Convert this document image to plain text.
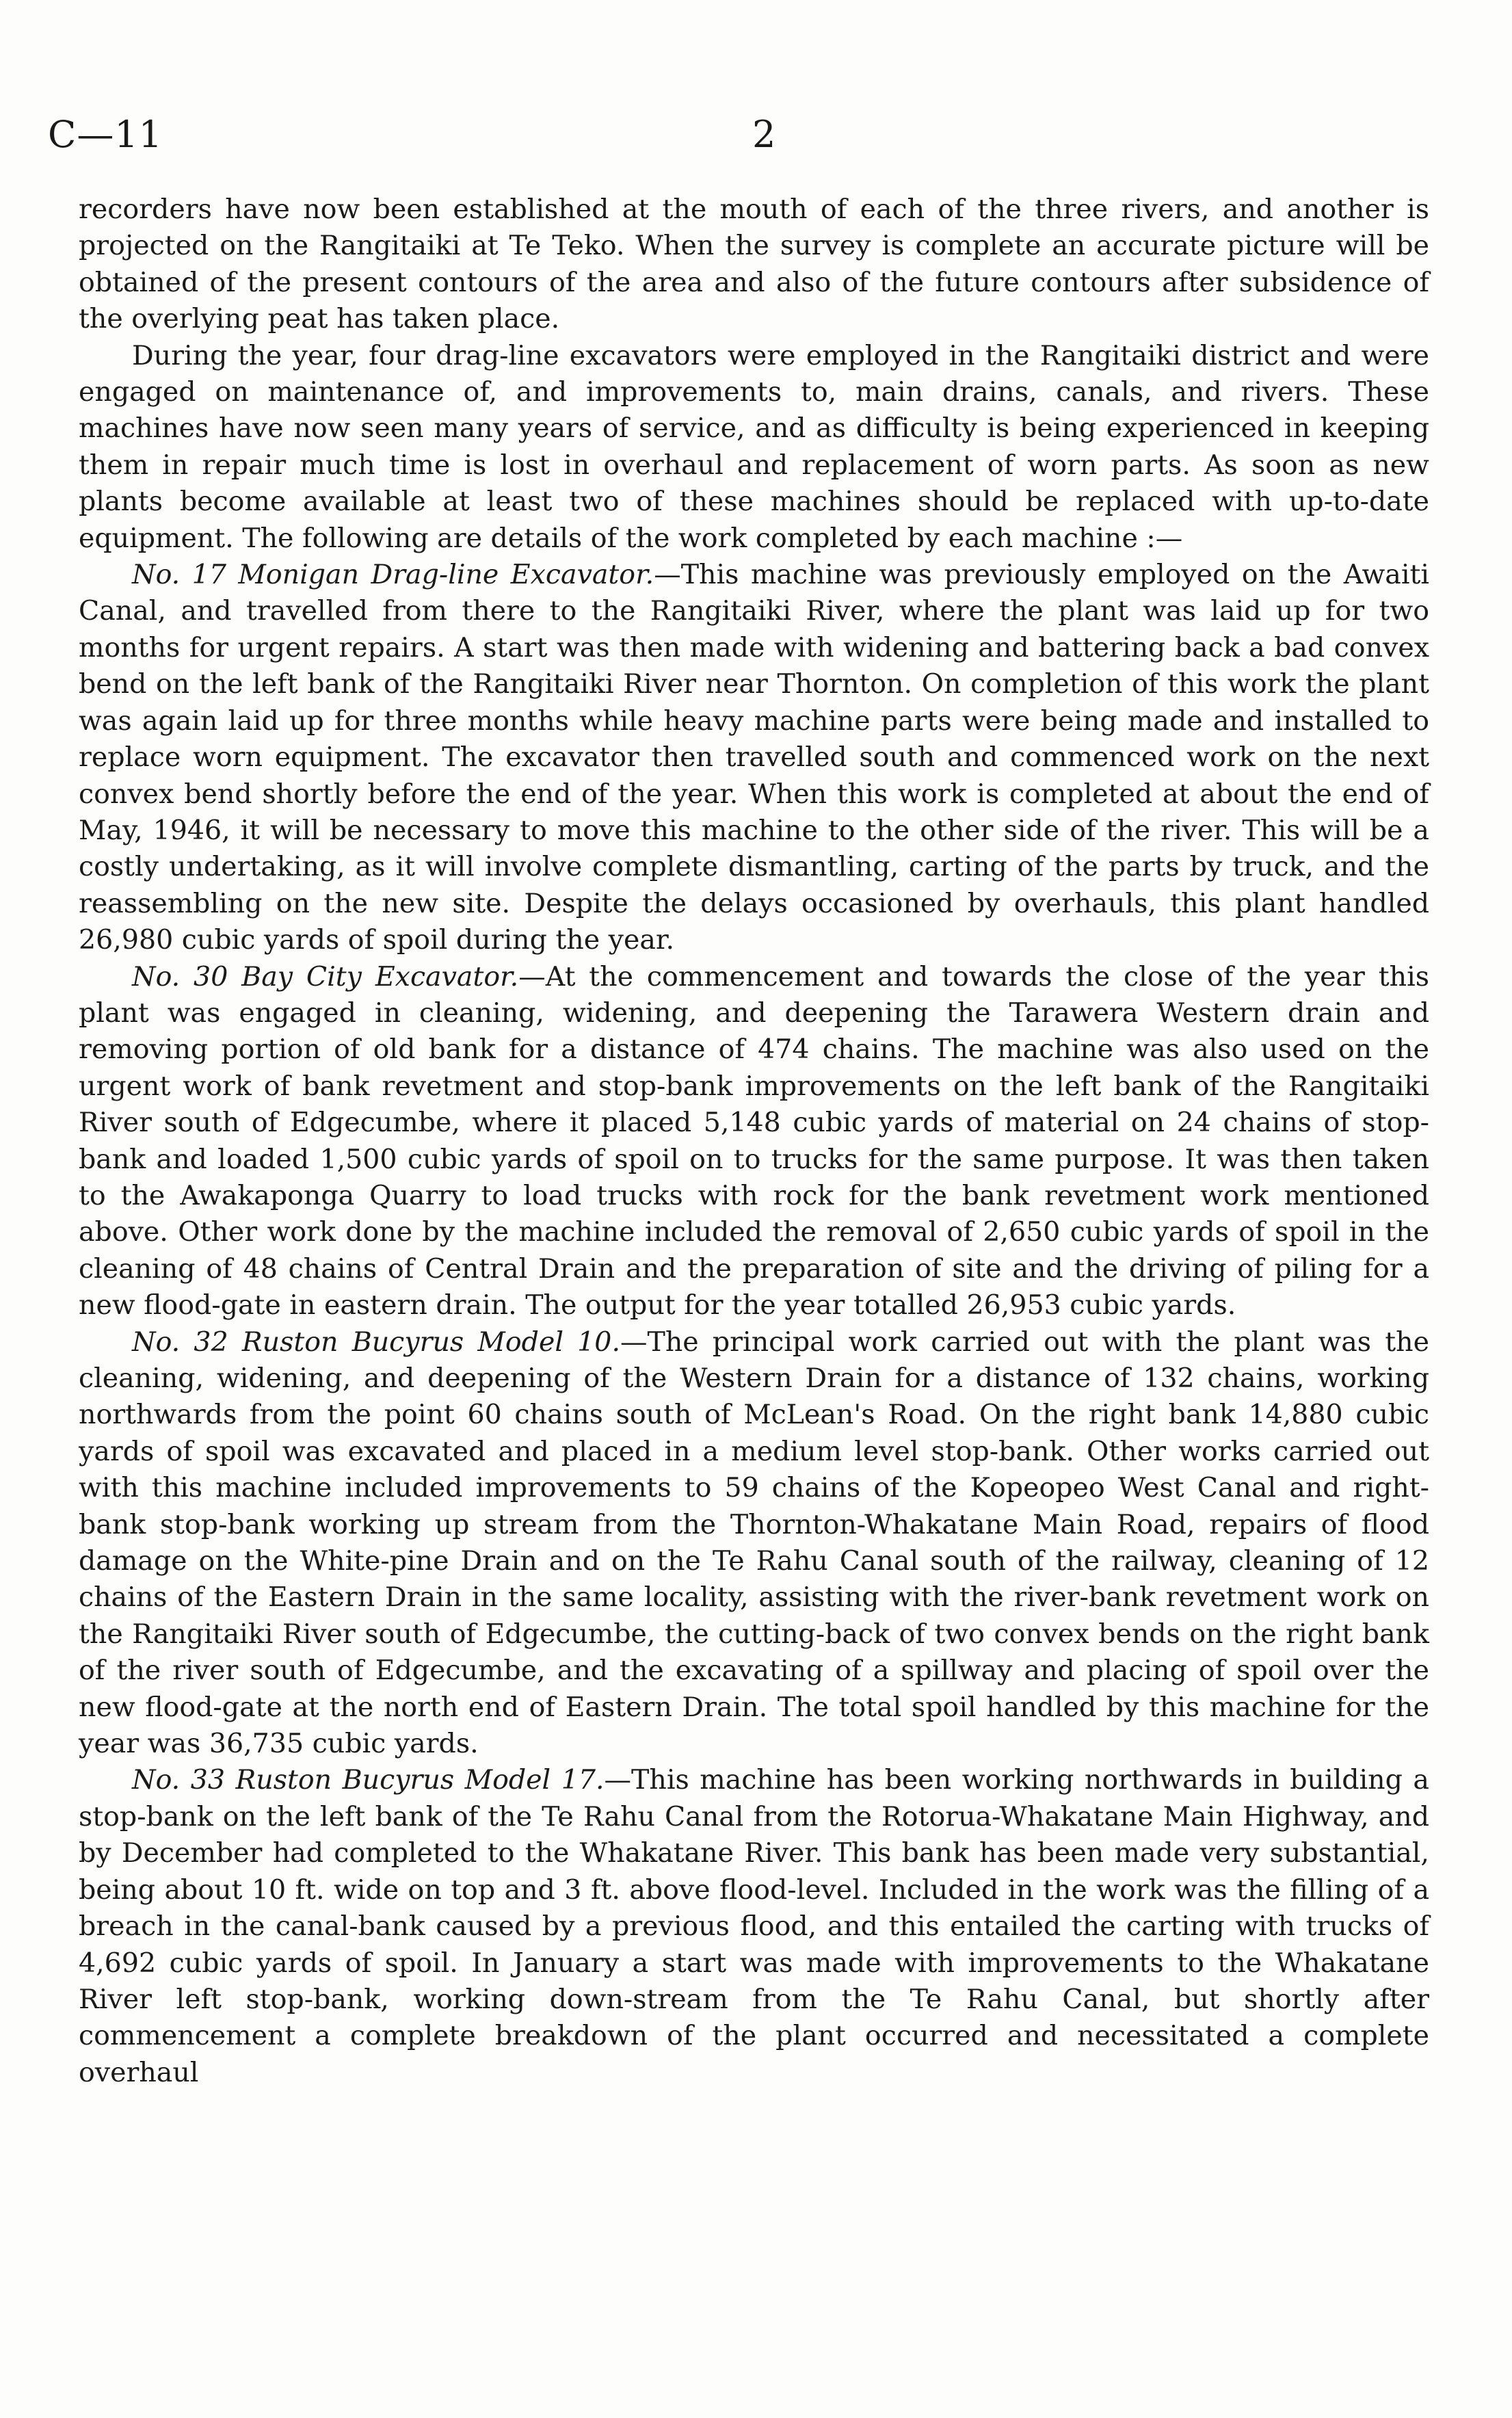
C—11	2

recorders have now been established at the mouth of each of the three rivers, and another is projected on the Rangitaiki at Te Teko. When the survey is complete an accurate picture will be obtained of the present contours of the area and also of the future contours after subsidence of the overlying peat has taken place.

During the year, four drag-line excavators were employed in the Rangitaiki district and were engaged on maintenance of, and improvements to, main drains, canals, and rivers. These machines have now seen many years of service, and as difficulty is being experienced in keeping them in repair much time is lost in overhaul and replacement of worn parts. As soon as new plants become available at least two of these machines should be replaced with up-to-date equipment. The following are details of the work completed by each machine :—

No. 17 Monigan Drag-line Excavator.—This machine was previously employed on the Awaiti Canal, and travelled from there to the Rangitaiki River, where the plant was laid up for two months for urgent repairs. A start was then made with widening and battering back a bad convex bend on the left bank of the Rangitaiki River near Thornton. On completion of this work the plant was again laid up for three months while heavy machine parts were being made and installed to replace worn equipment. The excavator then travelled south and commenced work on the next convex bend shortly before the end of the year. When this work is completed at about the end of May, 1946, it will be necessary to move this machine to the other side of the river. This will be a costly undertaking, as it will involve complete dismantling, carting of the parts by truck, and the reassembling on the new site. Despite the delays occasioned by overhauls, this plant handled 26,980 cubic yards of spoil during the year.

No. 30 Bay City Excavator.—At the commencement and towards the close of the year this plant was engaged in cleaning, widening, and deepening the Tarawera Western drain and removing portion of old bank for a distance of 474 chains. The machine was also used on the urgent work of bank revetment and stop-bank improvements on the left bank of the Rangitaiki River south of Edgecumbe, where it placed 5,148 cubic yards of material on 24 chains of stop-bank and loaded 1,500 cubic yards of spoil on to trucks for the same purpose. It was then taken to the Awakaponga Quarry to load trucks with rock for the bank revetment work mentioned above. Other work done by the machine included the removal of 2,650 cubic yards of spoil in the cleaning of 48 chains of Central Drain and the preparation of site and the driving of piling for a new flood-gate in eastern drain. The output for the year totalled 26,953 cubic yards.

No. 32 Ruston Bucyrus Model 10.—The principal work carried out with the plant was the cleaning, widening, and deepening of the Western Drain for a distance of 132 chains, working northwards from the point 60 chains south of McLean's Road. On the right bank 14,880 cubic yards of spoil was excavated and placed in a medium level stop-bank. Other works carried out with this machine included improvements to 59 chains of the Kopeopeo West Canal and right-bank stop-bank working up stream from the Thornton-Whakatane Main Road, repairs of flood damage on the White-pine Drain and on the Te Rahu Canal south of the railway, cleaning of 12 chains of the Eastern Drain in the same locality, assisting with the river-bank revetment work on the Rangitaiki River south of Edgecumbe, the cutting-back of two convex bends on the right bank of the river south of Edgecumbe, and the excavating of a spillway and placing of spoil over the new flood-gate at the north end of Eastern Drain. The total spoil handled by this machine for the year was 36,735 cubic yards.

No. 33 Ruston Bucyrus Model 17.—This machine has been working northwards in building a stop-bank on the left bank of the Te Rahu Canal from the Rotorua-Whakatane Main Highway, and by December had completed to the Whakatane River. This bank has been made very substantial, being about 10 ft. wide on top and 3 ft. above flood-level. Included in the work was the filling of a breach in the canal-bank caused by a previous flood, and this entailed the carting with trucks of 4,692 cubic yards of spoil. In January a start was made with improvements to the Whakatane River left stop-bank, working down-stream from the Te Rahu Canal, but shortly after commencement a complete breakdown of the plant occurred and necessitated a complete overhaul
